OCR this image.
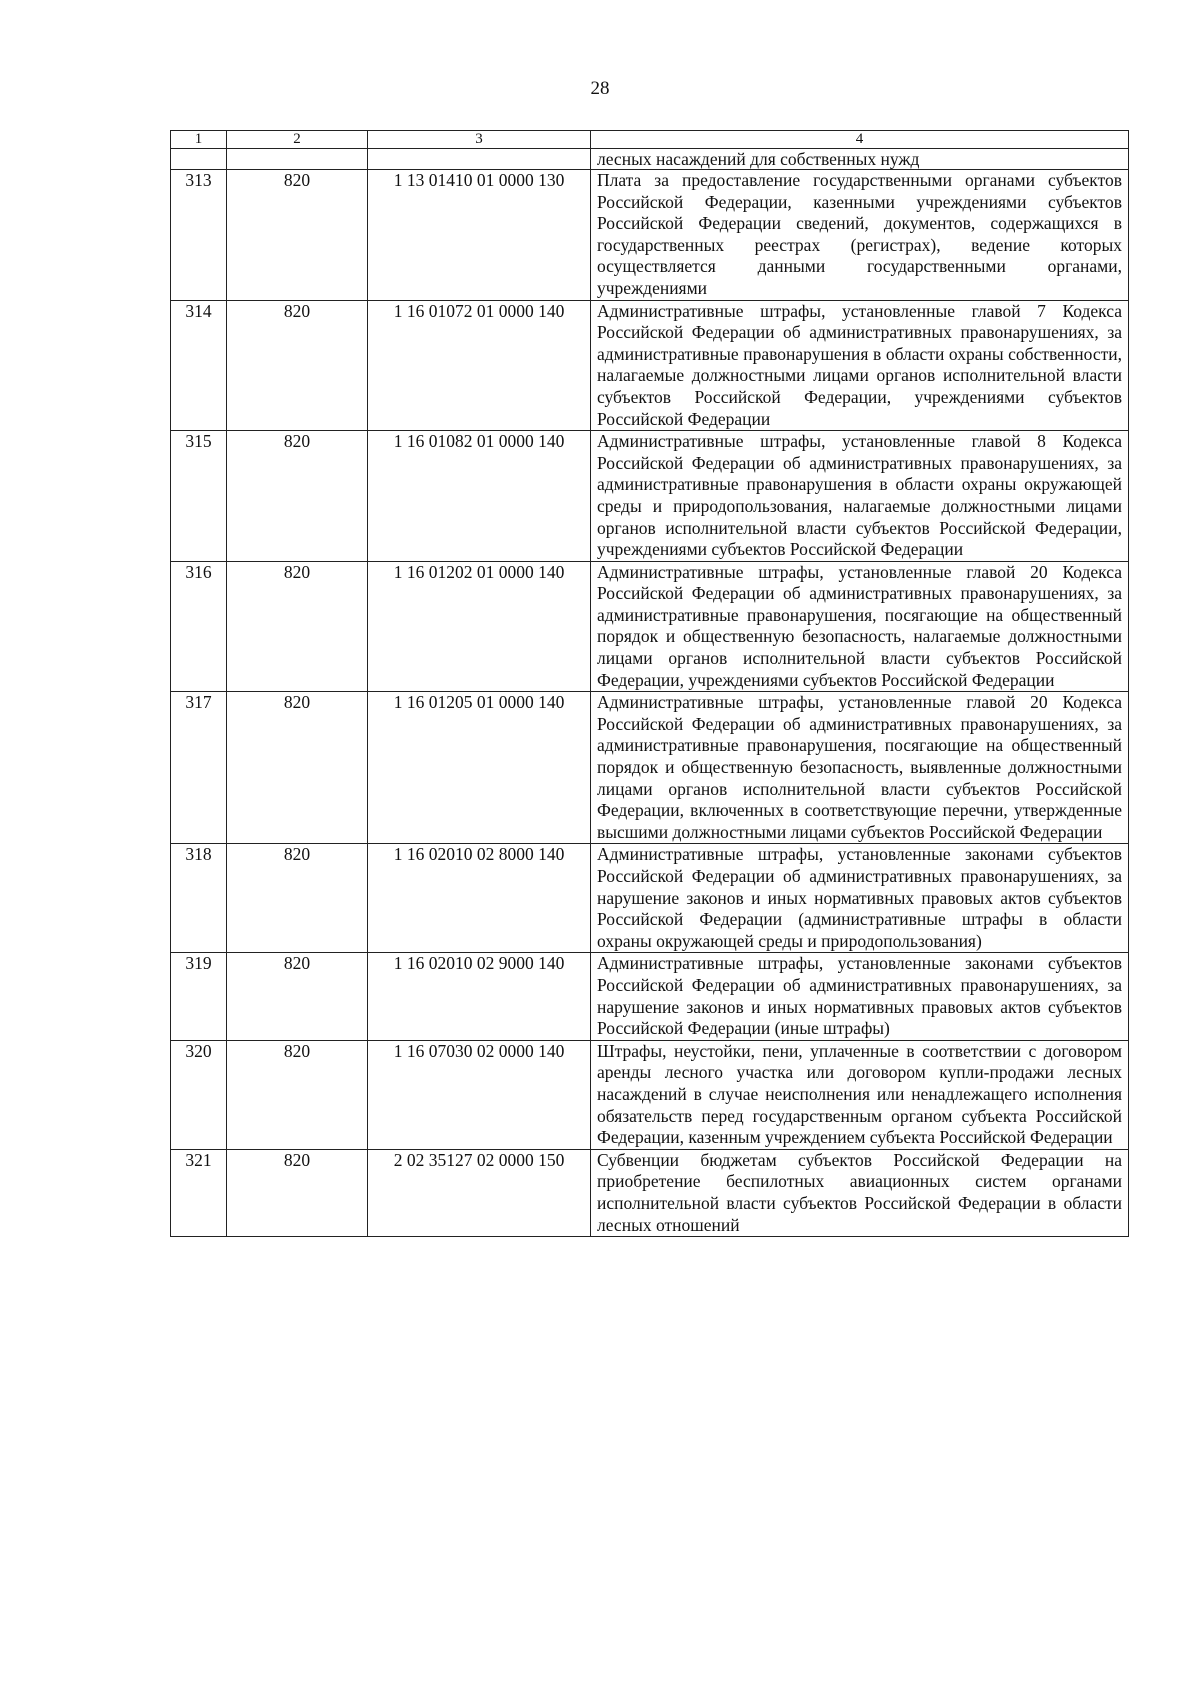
28
1	2	3	4
			лесных насаждений для собственных нужд
313	820	1 13 01410 01 0000 130	Плата за предоставление государственными органами субъектов Российской Федерации, казенными учреждениями субъектов Российской Федерации сведений, документов, содержащихся в государственных реестрах (регистрах), ведение которых осуществляется данными государственными органами, учреждениями
314	820	1 16 01072 01 0000 140	Административные штрафы, установленные главой 7 Кодекса Российской Федерации об административных правонарушениях, за административные правонарушения в области охраны собственности, налагаемые должностными лицами органов исполнительной власти субъектов Российской Федерации, учреждениями субъектов Российской Федерации
315	820	1 16 01082 01 0000 140	Административные штрафы, установленные главой 8 Кодекса Российской Федерации об административных правонарушениях, за административные правонарушения в области охраны окружающей среды и природопользования, налагаемые должностными лицами органов исполнительной власти субъектов Российской Федерации, учреждениями субъектов Российской Федерации
316	820	1 16 01202 01 0000 140	Административные штрафы, установленные главой 20 Кодекса Российской Федерации об административных правонарушениях, за административные правонарушения, посягающие на общественный порядок и общественную безопасность, налагаемые должностными лицами органов исполнительной власти субъектов Российской Федерации, учреждениями субъектов Российской Федерации
317	820	1 16 01205 01 0000 140	Административные штрафы, установленные главой 20 Кодекса Российской Федерации об административных правонарушениях, за административные правонарушения, посягающие на общественный порядок и общественную безопасность, выявленные должностными лицами органов исполнительной власти субъектов Российской Федерации, включенных в соответствующие перечни, утвержденные высшими должностными лицами субъектов Российской Федерации
318	820	1 16 02010 02 8000 140	Административные штрафы, установленные законами субъектов Российской Федерации об административных правонарушениях, за нарушение законов и иных нормативных правовых актов субъектов Российской Федерации (административные штрафы в области охраны окружающей среды и природопользования)
319	820	1 16 02010 02 9000 140	Административные штрафы, установленные законами субъектов Российской Федерации об административных правонарушениях, за нарушение законов и иных нормативных правовых актов субъектов Российской Федерации (иные штрафы)
320	820	1 16 07030 02 0000 140	Штрафы, неустойки, пени, уплаченные в соответствии с договором аренды лесного участка или договором купли-продажи лесных насаждений в случае неисполнения или ненадлежащего исполнения обязательств перед государственным органом субъекта Российской Федерации, казенным учреждением субъекта Российской Федерации
321	820	2 02 35127 02 0000 150	Субвенции бюджетам субъектов Российской Федерации на приобретение беспилотных авиационных систем органами исполнительной власти субъектов Российской Федерации в области лесных отношений
